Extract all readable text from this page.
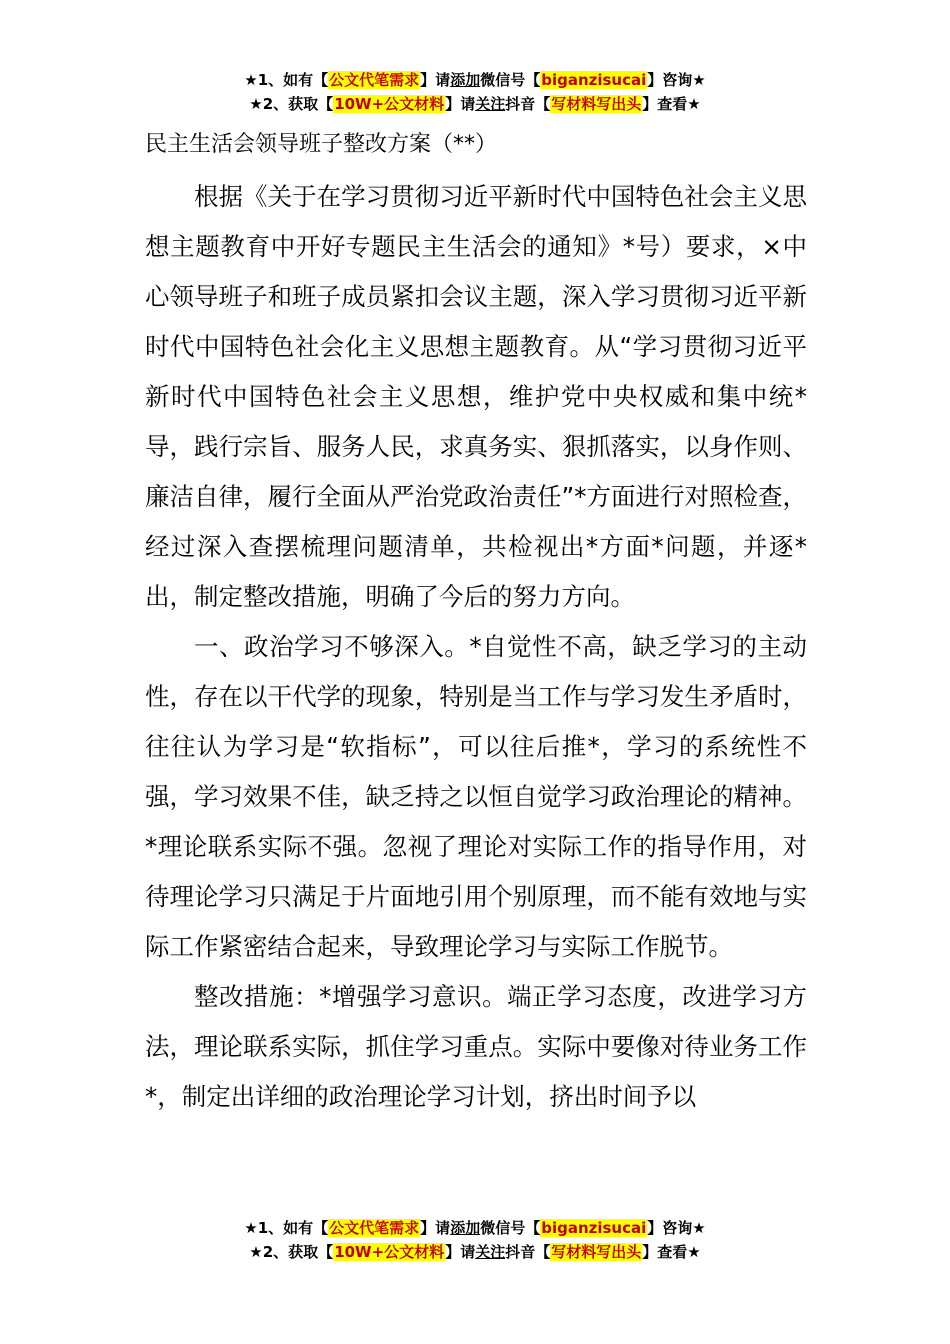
★1、如有【公文代笔需求】请添加微信号【biganzisucai】咨询★
★2、获取【10W+公文材料】请关注抖音【写材料写出头】查看★
民主生活会领导班子整改方案（**）

根据《关于在学习贯彻习近平新时代中国特色社会主义思想主题教育中开好专题民主生活会的通知》*号）要求，×中心领导班子和班子成员紧扣会议主题，深入学习贯彻习近平新时代中国特色社会化主义思想主题教育。从“学习贯彻习近平新时代中国特色社会主义思想，维护党中央权威和集中统*导，践行宗旨、服务人民，求真务实、狠抓落实，以身作则、廉洁自律，履行全面从严治党政治责任”*方面进行对照检查，经过深入查摆梳理问题清单，共检视出*方面*问题，并逐*出，制定整改措施，明确了今后的努力方向。

一、政治学习不够深入。*自觉性不高，缺乏学习的主动性，存在以干代学的现象，特别是当工作与学习发生矛盾时，往往认为学习是“软指标”，可以往后推*，学习的系统性不强，学习效果不佳，缺乏持之以恒自觉学习政治理论的精神。*理论联系实际不强。忽视了理论对实际工作的指导作用，对待理论学习只满足于片面地引用个别原理，而不能有效地与实际工作紧密结合起来，导致理论学习与实际工作脱节。

整改措施：*增强学习意识。端正学习态度，改进学习方法，理论联系实际，抓住学习重点。实际中要像对待业务工作*，制定出详细的政治理论学习计划，挤出时间予以

★1、如有【公文代笔需求】请添加微信号【biganzisucai】咨询★
★2、获取【10W+公文材料】请关注抖音【写材料写出头】查看★
